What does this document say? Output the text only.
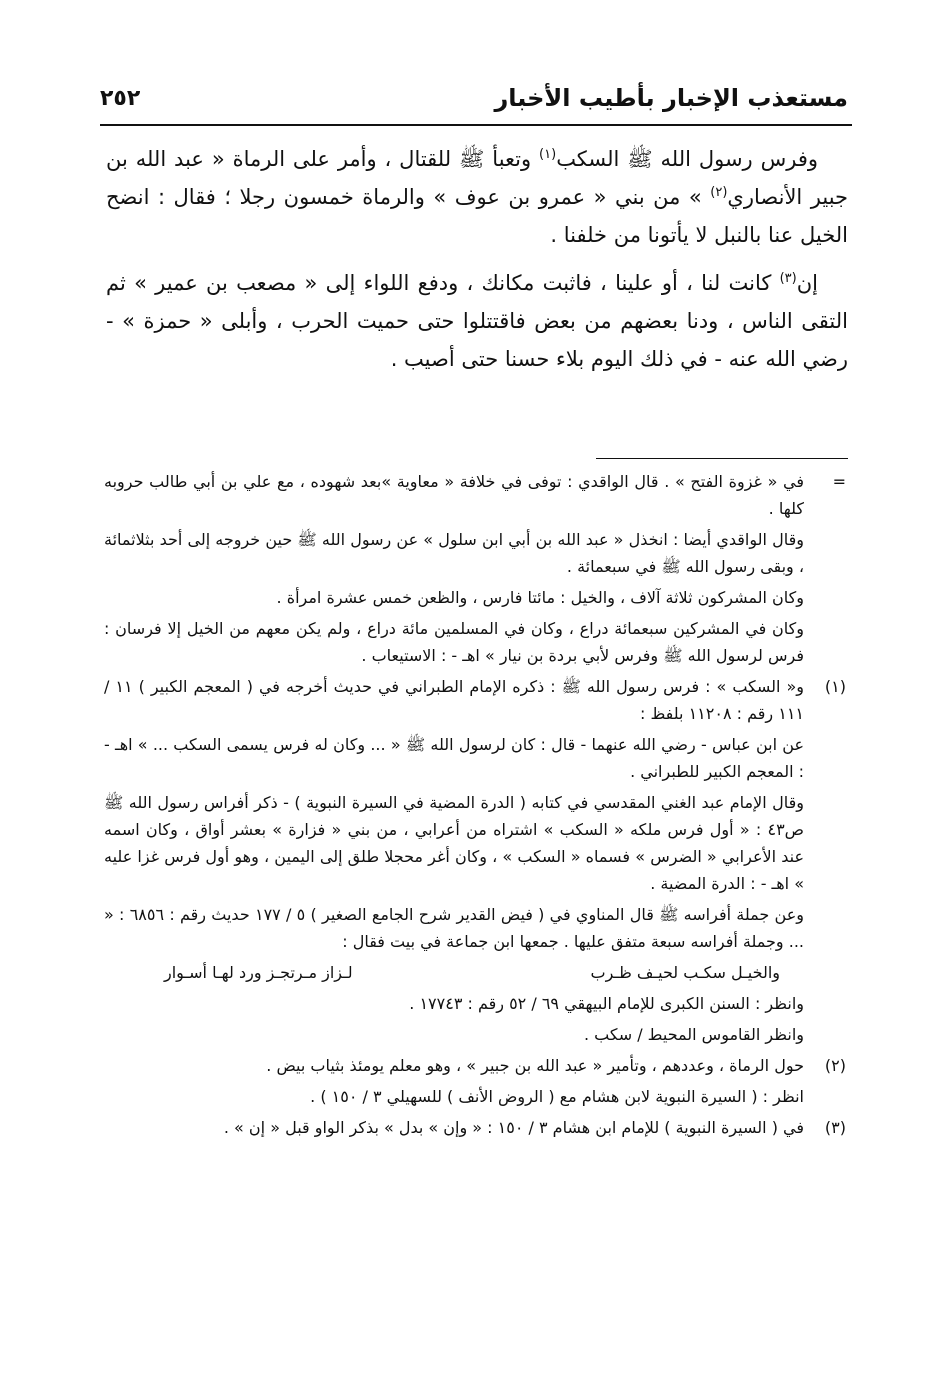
٢٥٢	مستعذب الإخبار بأطيب الأخبار

وفرس رسول الله ﷺ السكب$^{(١)}$ وتعبأ ﷺ للقتال ، وأمر على الرماة « عبد الله بن جبير الأنصاري$^{(٢)}$ » من بني « عمرو بن عوف » والرماة خمسون رجلا ؛ فقال : انضح الخيل عنا بالنبل لا يأتونا من خلفنا .

إن$^{(٣)}$ كانت لنا ، أو علينا ، فاثبت مكانك ، ودفع اللواء إلى « مصعب بن عمير » ثم التقى الناس ، ودنا بعضهم من بعض فاقتتلوا حتى حميت الحرب ، وأبلى « حمزة » - رضي الله عنه - في ذلك اليوم بلاء حسنا حتى أصيب .

=
في « غزوة الفتح » . قال الواقدي : توفى في خلافة « معاوية »بعد شهوده ، مع علي بن أبي طالب حروبه كلها .
وقال الواقدي أيضا : انخذل « عبد الله بن أبي ابن سلول » عن رسول الله ﷺ حين خروجه إلى أحد بثلاثمائة ، وبقى رسول الله ﷺ في سبعمائة .
وكان المشركون ثلاثة آلاف ، والخيل : مائتا فارس ، والظعن خمس عشرة امرأة .
وكان في المشركين سبعمائة دراع ، وكان في المسلمين مائة دراع ، ولم يكن معهم من الخيل إلا فرسان : فرس لرسول الله ﷺ وفرس لأبي بردة بن نيار » اهـ - : الاستيعاب .
(١)
و« السكب » : فرس رسول الله ﷺ : ذكره الإمام الطبراني في حديث أخرجه في ( المعجم الكبير ) ١١ / ١١١ رقم : ١١٢٠٨ بلفظ :
عن ابن عباس - رضي الله عنهما - قال : كان لرسول الله ﷺ « ... وكان له فرس يسمى السكب ... » اهـ - : المعجم الكبير للطبراني .
وقال الإمام عبد الغني المقدسي في كتابه ( الدرة المضية في السيرة النبوية ) - ذكر أفراس رسول الله ﷺ ص٤٣ : « أول فرس ملكه « السكب » اشتراه من أعرابي ، من بني « فزارة » بعشر أواق ، وكان اسمه عند الأعرابي « الضرس » فسماه « السكب » ، وكان أغر محجلا طلق إلى اليمين ، وهو أول فرس غزا عليه » اهـ - : الدرة المضية .
وعن جملة أفراسه ﷺ قال المناوي في ( فيض القدير شرح الجامع الصغير ) ٥ / ١٧٧ حديث رقم : ٦٨٥٦ : « ... وجملة أفراسه سبعة متفق عليها . جمعها ابن جماعة في بيت فقال :
والخيـل سكـب لحيـف ظـرب
لـزاز مـرتجـز ورد لهـا أسـوار
وانظر : السنن الكبرى للإمام البيهقي ٦٩ / ٥٢ رقم : ١٧٧٤٣ .
وانظر القاموس المحيط / سكب .
(٢)
حول الرماة ، وعددهم ، وتأمير « عبد الله بن جبير » ، وهو معلم يومئذ بثياب بيض .
انظر : ( السيرة النبوية لابن هشام مع ( الروض الأنف ) للسهيلي ٣ / ١٥٠ ) .
(٣)
في ( السيرة النبوية ) للإمام ابن هشام ٣ / ١٥٠ : « وإن » بدل » بذكر الواو قبل « إن » .
